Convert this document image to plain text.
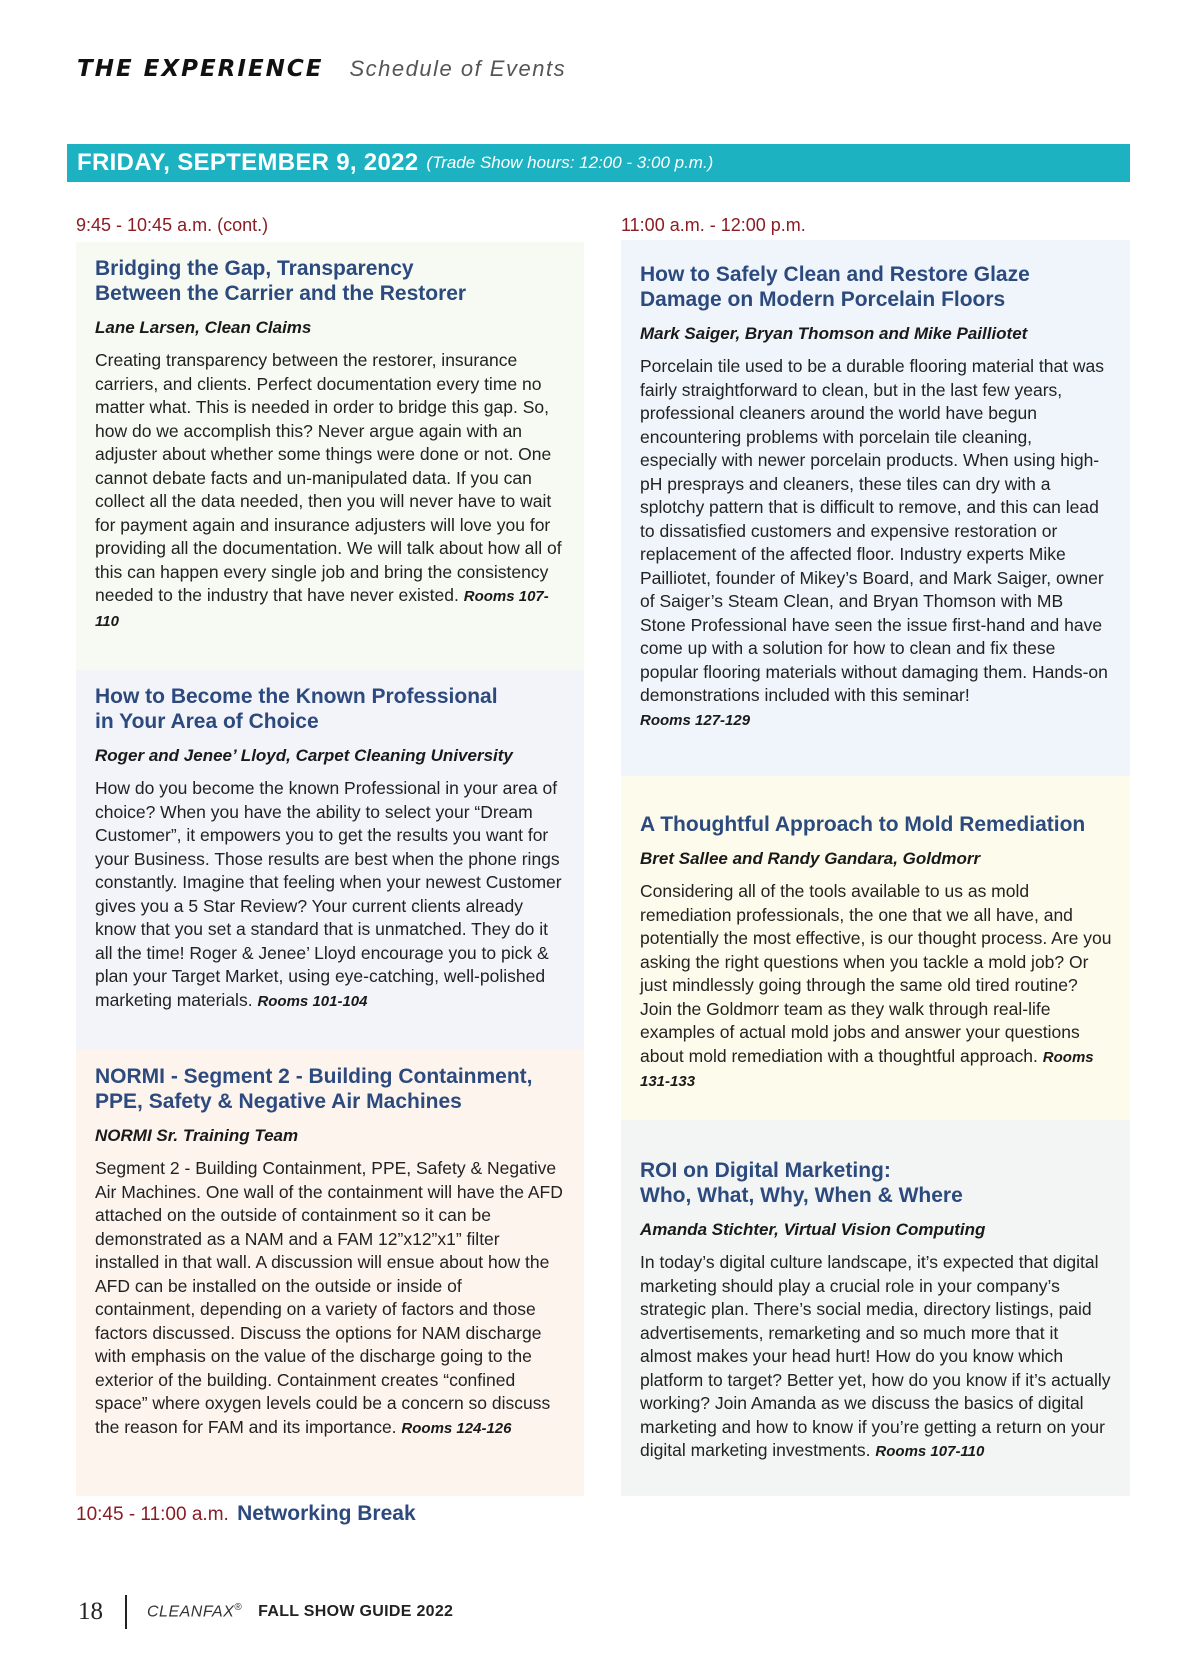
THE EXPERIENCE Schedule of Events
FRIDAY, SEPTEMBER 9, 2022 (Trade Show hours: 12:00 - 3:00 p.m.)
9:45 - 10:45 a.m. (cont.)
Bridging the Gap, Transparency
Between the Carrier and the Restorer
Lane Larsen, Clean Claims
Creating transparency between the restorer, insurance carriers, and clients. Perfect documentation every time no matter what. This is needed in order to bridge this gap. So, how do we accomplish this? Never argue again with an adjuster about whether some things were done or not. One cannot debate facts and un-manipulated data. If you can collect all the data needed, then you will never have to wait for payment again and insurance adjusters will love you for providing all the documentation. We will talk about how all of this can happen every single job and bring the consistency needed to the industry that have never existed. Rooms 107-110
How to Become the Known Professional
in Your Area of Choice
Roger and Jenee’ Lloyd, Carpet Cleaning University
How do you become the known Professional in your area of choice? When you have the ability to select your “Dream Customer”, it empowers you to get the results you want for your Business. Those results are best when the phone rings constantly. Imagine that feeling when your newest Customer gives you a 5 Star Review? Your current clients already know that you set a standard that is unmatched. They do it all the time! Roger & Jenee’ Lloyd encourage you to pick & plan your Target Market, using eye-catching, well-polished marketing materials. Rooms 101-104
NORMI - Segment 2 - Building Containment,
PPE, Safety & Negative Air Machines
NORMI Sr. Training Team
Segment 2 - Building Containment, PPE, Safety & Negative Air Machines. One wall of the containment will have the AFD attached on the outside of containment so it can be demonstrated as a NAM and a FAM 12”x12”x1” filter installed in that wall. A discussion will ensue about how the AFD can be installed on the outside or inside of containment, depending on a variety of factors and those factors discussed. Discuss the options for NAM discharge with emphasis on the value of the discharge going to the exterior of the building. Containment creates “confined space” where oxygen levels could be a concern so discuss the reason for FAM and its importance. Rooms 124-126
10:45 - 11:00 a.m. Networking Break
11:00 a.m. - 12:00 p.m.
How to Safely Clean and Restore Glaze
Damage on Modern Porcelain Floors
Mark Saiger, Bryan Thomson and Mike Pailliotet
Porcelain tile used to be a durable flooring material that was fairly straightforward to clean, but in the last few years, professional cleaners around the world have begun encountering problems with porcelain tile cleaning, especially with newer porcelain products. When using high-pH presprays and cleaners, these tiles can dry with a splotchy pattern that is difficult to remove, and this can lead to dissatisfied customers and expensive restoration or replacement of the affected floor. Industry experts Mike Pailliotet, founder of Mikey’s Board, and Mark Saiger, owner of Saiger’s Steam Clean, and Bryan Thomson with MB Stone Professional have seen the issue first-hand and have come up with a solution for how to clean and fix these popular flooring materials without damaging them. Hands-on demonstrations included with this seminar!
Rooms 127-129
A Thoughtful Approach to Mold Remediation
Bret Sallee and Randy Gandara, Goldmorr
Considering all of the tools available to us as mold remediation professionals, the one that we all have, and potentially the most effective, is our thought process. Are you asking the right questions when you tackle a mold job? Or just mindlessly going through the same old tired routine? Join the Goldmorr team as they walk through real-life examples of actual mold jobs and answer your questions about mold remediation with a thoughtful approach. Rooms 131-133
ROI on Digital Marketing:
Who, What, Why, When & Where
Amanda Stichter, Virtual Vision Computing
In today’s digital culture landscape, it’s expected that digital marketing should play a crucial role in your company’s strategic plan. There’s social media, directory listings, paid advertisements, remarketing and so much more that it almost makes your head hurt! How do you know which platform to target? Better yet, how do you know if it’s actually working? Join Amanda as we discuss the basics of digital marketing and how to know if you’re getting a return on your digital marketing investments. Rooms 107-110
18	CLEANFAX® FALL SHOW GUIDE 2022
